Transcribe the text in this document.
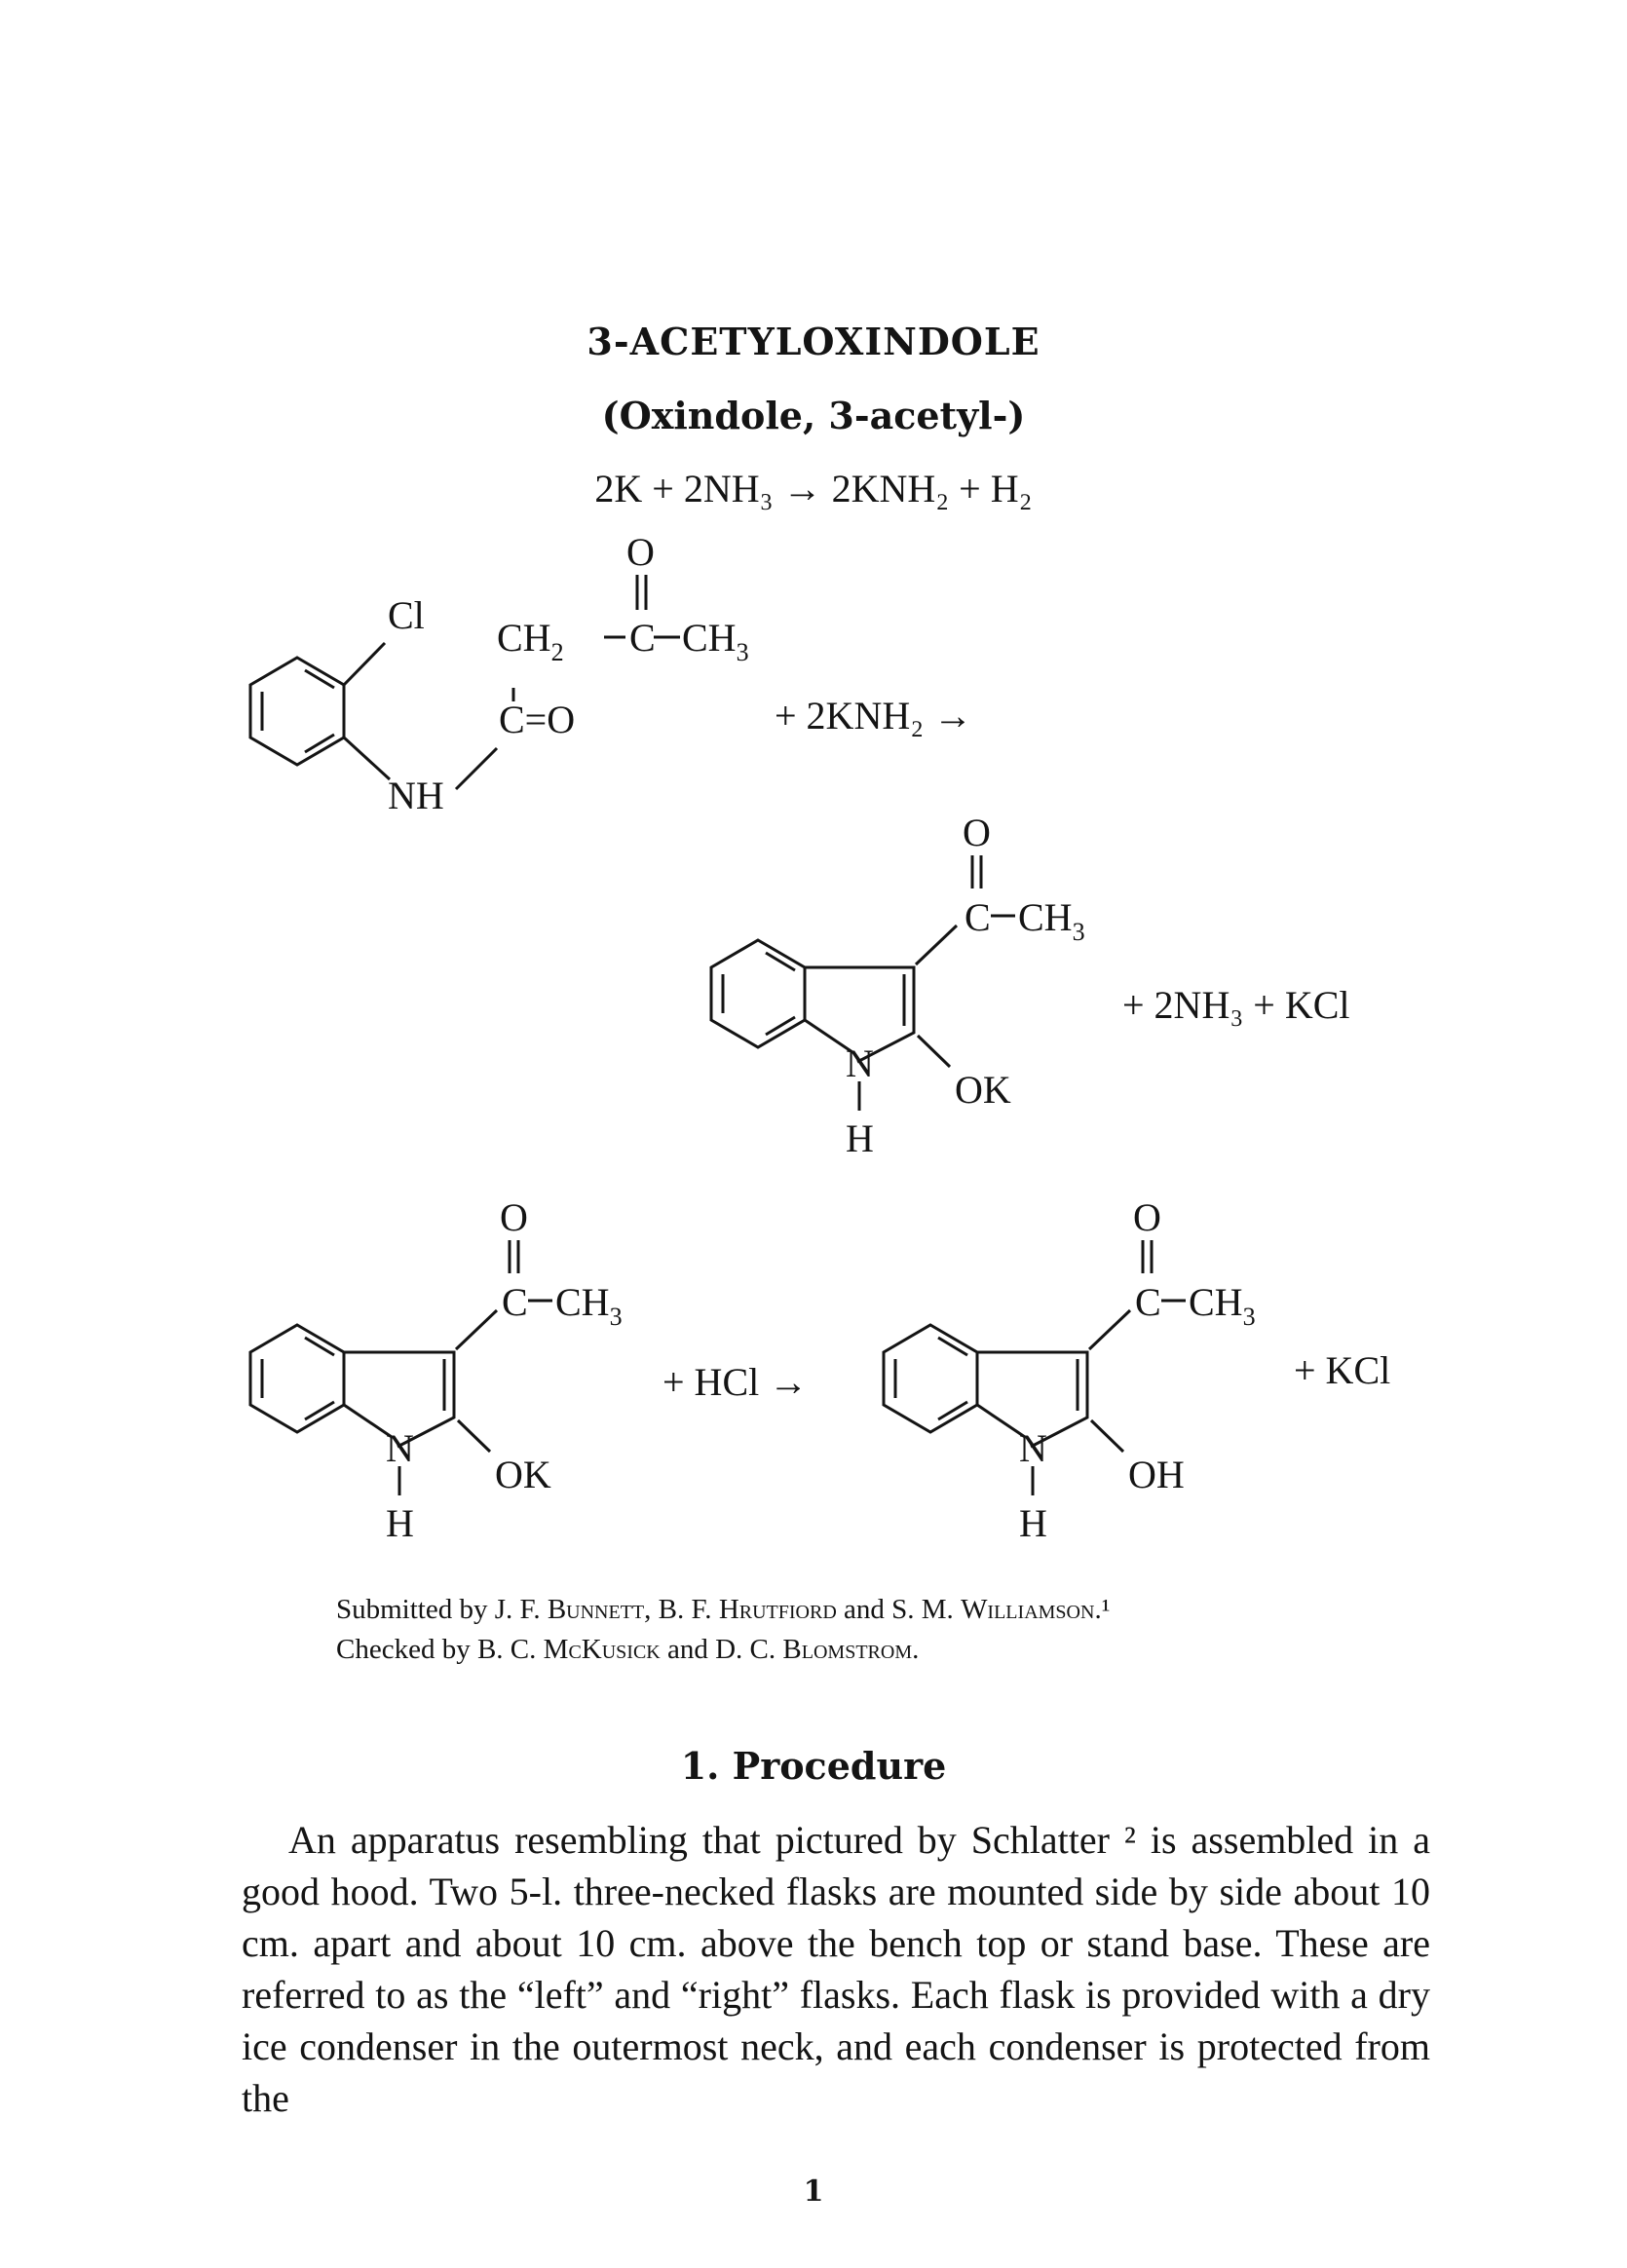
3-ACETYLOXINDOLE
(Oxindole, 3-acetyl-)
2K + 2NH₃ → 2KNH₂ + H₂
Cl
NH
C=O
$CH_2$ C $CH_3$
O
+ 2KNH₂ →
N
H
OK
C $CH_3$
O
+ 2NH₃ + KCl
N
H
OK
C $CH_3$
O
+ HCl →
N
H
OH
C $CH_3$
O
+ KCl
Submitted by J. F. Bunnett, B. F. Hrutfiord and S. M. Williamson.¹
Checked by B. C. McKusick and D. C. Blomstrom.
1. Procedure
An apparatus resembling that pictured by Schlatter ² is assembled in a good hood. Two 5-l. three-necked flasks are mounted side by side about 10 cm. apart and about 10 cm. above the bench top or stand base. These are referred to as the “left” and “right” flasks. Each flask is provided with a dry ice condenser in the outermost neck, and each condenser is protected from the
1
